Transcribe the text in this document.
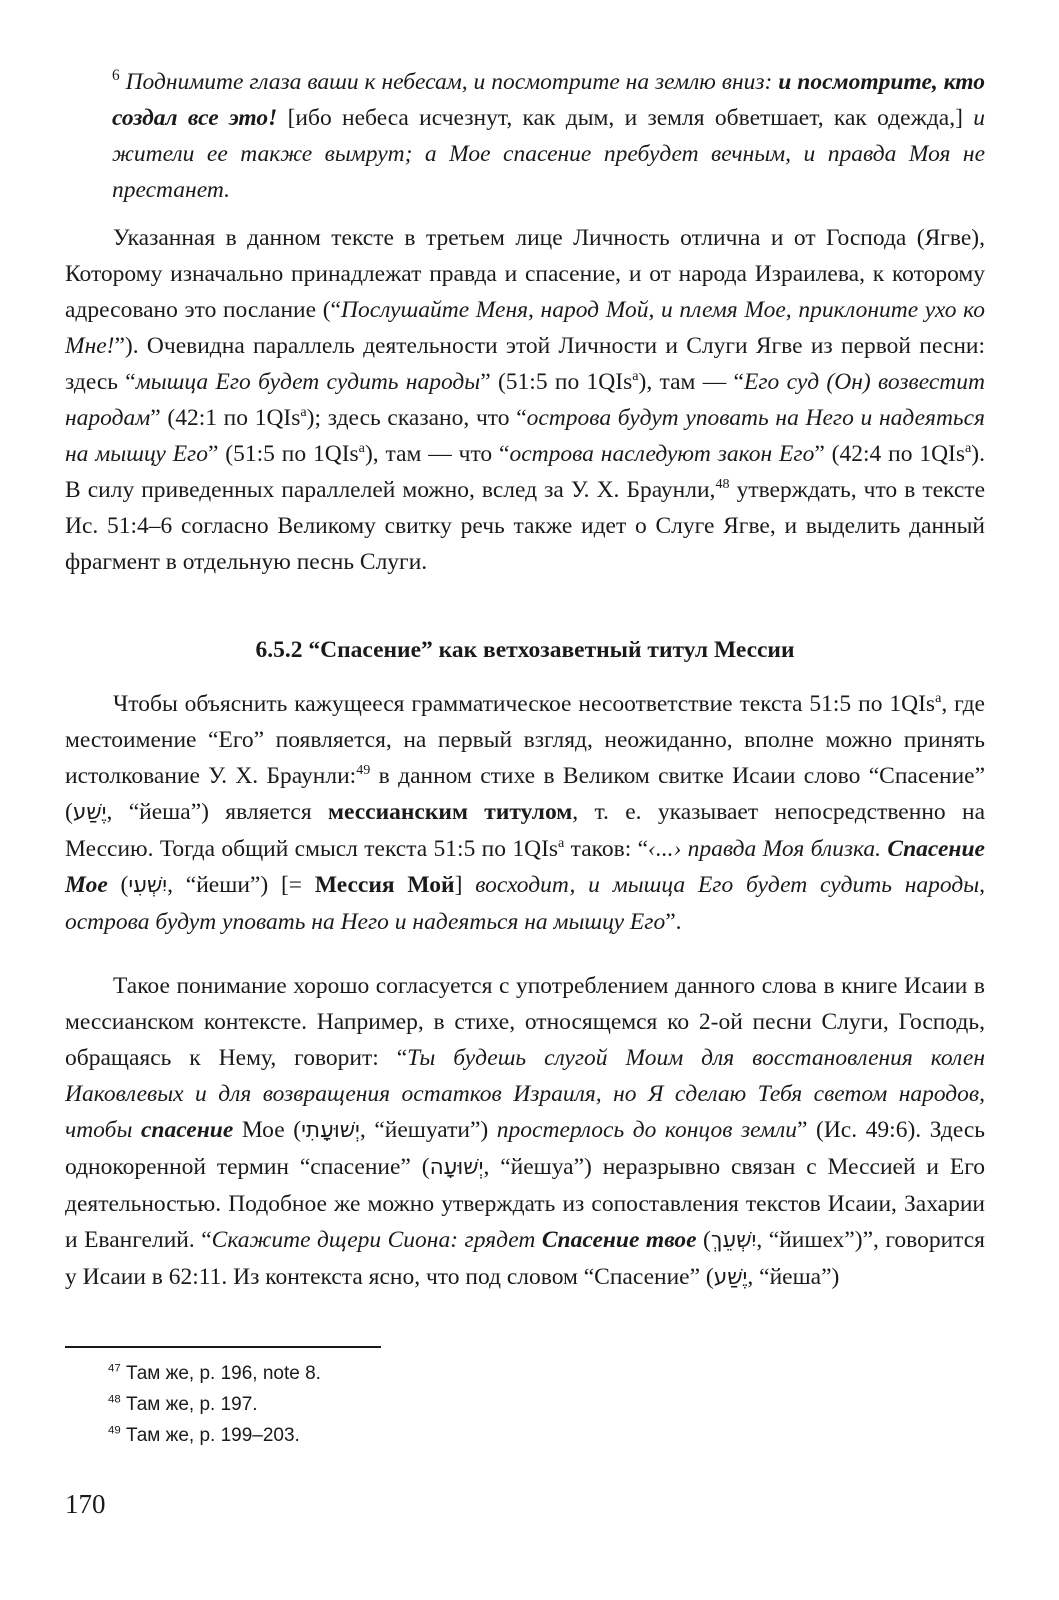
$^6$ Поднимите глаза ваши к небесам, и посмотрите на землю вниз: и посмотрите, кто создал все это! [ибо небеса исчезнут, как дым, и земля обветшает, как одежда,] и жители ее также вымрут; а Мое спасение пребудет вечным, и правда Моя не престанет.

Указанная в данном тексте в третьем лице Личность отлична и от Господа (Ягве), Которому изначально принадлежат правда и спасение, и от народа Израилева, к которому адресовано это послание (“Послушайте Меня, народ Мой, и племя Мое, приклоните ухо ко Мне!”). Очевидна параллель деятельности этой Личности и Слуги Ягве из первой песни: здесь “мышца Его будет судить народы” (51:5 по 1QIs$^a$), там — “Его суд (Он) возвестит народам” (42:1 по 1QIs$^a$); здесь сказано, что “острова будут уповать на Него и надеяться на мышцу Его” (51:5 по 1QIs$^a$), там — что “острова наследуют закон Его” (42:4 по 1QIs$^a$). В силу приведенных параллелей можно, вслед за У. Х. Браунли,$^{48}$ утверждать, что в тексте Ис. 51:4–6 согласно Великому свитку речь также идет о Слуге Ягве, и выделить данный фрагмент в отдельную песнь Слуги.

6.5.2 “Спасение” как ветхозаветный титул Мессии

Чтобы объяснить кажущееся грамматическое несоответствие текста 51:5 по 1QIs$^a$, где местоимение “Его” появляется, на первый взгляд, неожиданно, вполне можно принять истолкование У. Х. Браунли:$^{49}$ в данном стихе в Великом свитке Исаии слово “Спасение” (יֶשַׁע, “йеша”) является мессианским титулом, т. е. указывает непосредственно на Мессию. Тогда общий смысл текста 51:5 по 1QIs$^a$ таков: “‹...› правда Моя близка. Спасение Мое (יִשְׁעִי, “йеши”) [= Мессия Мой] восходит, и мышца Его будет судить народы, острова будут уповать на Него и надеяться на мышцу Его”.

Такое понимание хорошо согласуется с употреблением данного слова в книге Исаии в мессианском контексте. Например, в стихе, относящемся ко 2-ой песни Слуги, Господь, обращаясь к Нему, говорит: “Ты будешь слугой Моим для восстановления колен Иаковлевых и для возвращения остатков Израиля, но Я сделаю Тебя светом народов, чтобы спасение Мое (יְשׁוּעָתִי, “йешуати”) простерлось до концов земли” (Ис. 49:6). Здесь однокоренной термин “спасение” (יְשׁוּעָה, “йешуа”) неразрывно связан с Мессией и Его деятельностью. Подобное же можно утверждать из сопоставления текстов Исаии, Захарии и Евангелий. “Скажите дщери Сиона: грядет Спасение твое (יִשְׁעֵךְ, “йишех”)”, говорится у Исаии в 62:11. Из контекста ясно, что под словом “Спасение” (יֶשַׁע, “йеша”)

$^{47}$ Там же, p. 196, note 8.
$^{48}$ Там же, p. 197.
$^{49}$ Там же, p. 199–203.
170
